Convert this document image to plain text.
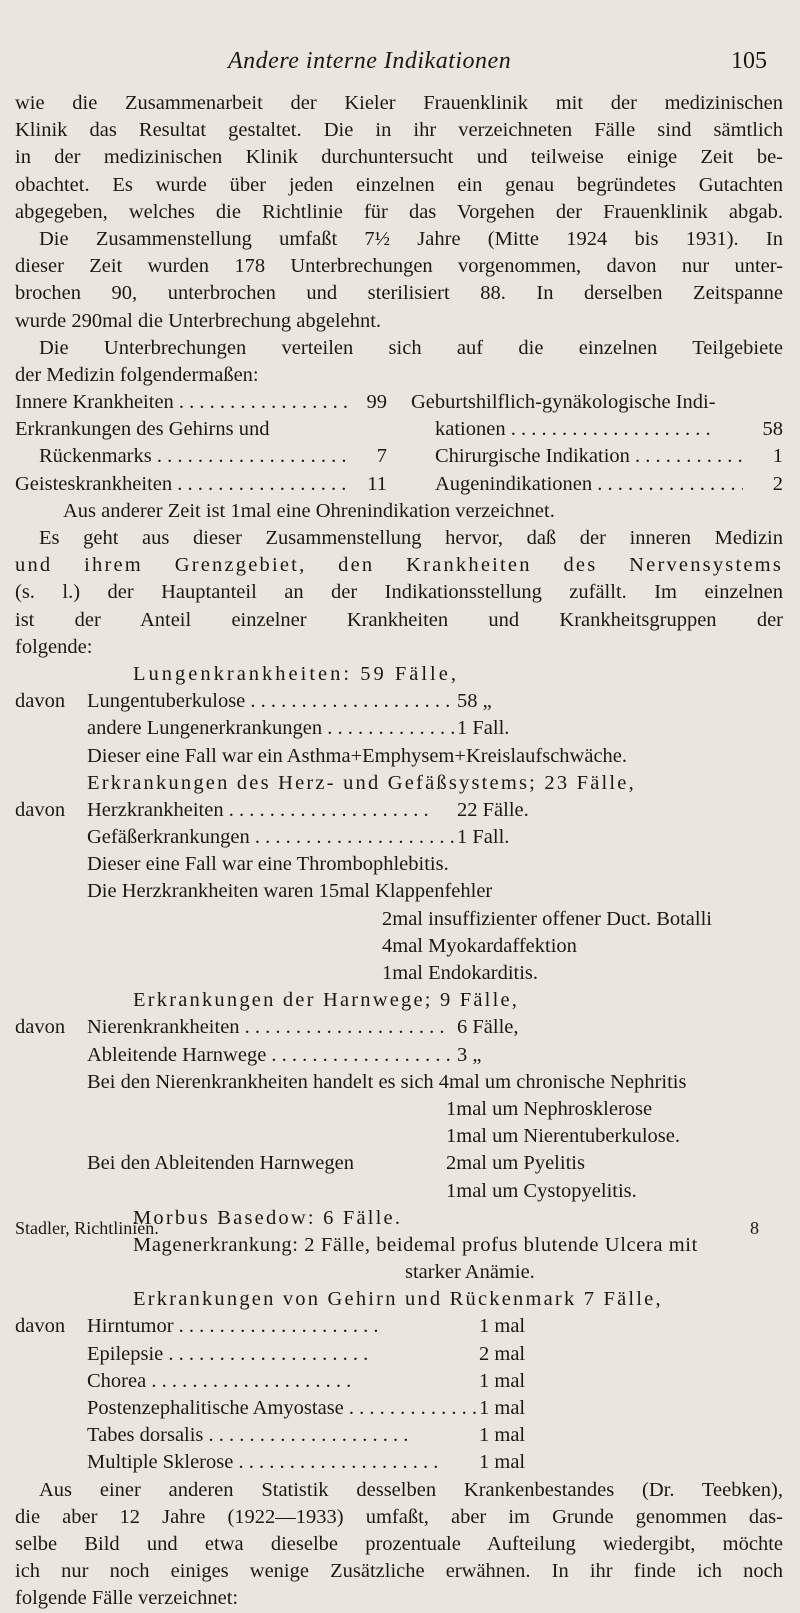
Andere interne Indikationen	105
wie die Zusammenarbeit der Kieler Frauenklinik mit der medizinischen
Klinik das Resultat gestaltet. Die in ihr verzeichneten Fälle sind sämtlich
in der medizinischen Klinik durchuntersucht und teilweise einige Zeit be-
obachtet. Es wurde über jeden einzelnen ein genau begründetes Gutachten
abgegeben, welches die Richtlinie für das Vorgehen der Frauenklinik abgab.
Die Zusammenstellung umfaßt 7½ Jahre (Mitte 1924 bis 1931). In
dieser Zeit wurden 178 Unterbrechungen vorgenommen, davon nur unter-
brochen 90, unterbrochen und sterilisiert 88. In derselben Zeitspanne
wurde 290mal die Unterbrechung abgelehnt.
Die Unterbrechungen verteilen sich auf die einzelnen Teilgebiete
der Medizin folgendermaßen:
Innere Krankheiten . . .	99 Geburtshilflich-gynäkologische Indi-
Erkrankungen des Gehirns und	kationen . . .	58
Rückenmarks . . .	7	Chirurgische Indikation . . .	1
Geisteskrankheiten . . .	11	Augenindikationen . . .	2
Aus anderer Zeit ist 1mal eine Ohrenindikation verzeichnet.
Es geht aus dieser Zusammenstellung hervor, daß der inneren Medizin
und ihrem Grenzgebiet, den Krankheiten des Nervensystems
(s. l.) der Hauptanteil an der Indikationsstellung zufällt. Im einzelnen
ist der Anteil einzelner Krankheiten und Krankheitsgruppen der
folgende:
Lungenkrankheiten: 59 Fälle,
davon	Lungentuberkulose . . .	58 „
andere Lungenerkrankungen . . .	1 Fall.
Dieser eine Fall war ein Asthma+Emphysem+Kreislaufschwäche.
Erkrankungen des Herz- und Gefäßsystems; 23 Fälle,
davon	Herzkrankheiten . . .	22 Fälle.
Gefäßerkrankungen . . .	1 Fall.
Dieser eine Fall war eine Thrombophlebitis.
Die Herzkrankheiten waren 15mal Klappenfehler
2mal insuffizienter offener Duct. Botalli
4mal Myokardaffektion
1mal Endokarditis.
Erkrankungen der Harnwege; 9 Fälle,
davon	Nierenkrankheiten . . .	6 Fälle,
Ableitende Harnwege . . .	3 „
Bei den Nierenkrankheiten handelt es sich 4mal um chronische Nephritis
1mal um Nephrosklerose
1mal um Nierentuberkulose.
Bei den Ableitenden Harnwegen	2mal um Pyelitis
1mal um Cystopyelitis.
Morbus Basedow: 6 Fälle.
Magenerkrankung: 2 Fälle, beidemal profus blutende Ulcera mit
starker Anämie.
Erkrankungen von Gehirn und Rückenmark 7 Fälle,
davon	Hirntumor . . .	1 mal
Epilepsie . . .	2 mal
Chorea . . .	1 mal
Postenzephalitische Amyostase . . .	1 mal
Tabes dorsalis . . .	1 mal
Multiple Sklerose . . .	1 mal
Aus einer anderen Statistik desselben Krankenbestandes (Dr. Teebken),
die aber 12 Jahre (1922—1933) umfaßt, aber im Grunde genommen das-
selbe Bild und etwa dieselbe prozentuale Aufteilung wiedergibt, möchte
ich nur noch einiges wenige Zusätzliche erwähnen. In ihr finde ich noch
folgende Fälle verzeichnet:
Stadler, Richtlinien.	8
